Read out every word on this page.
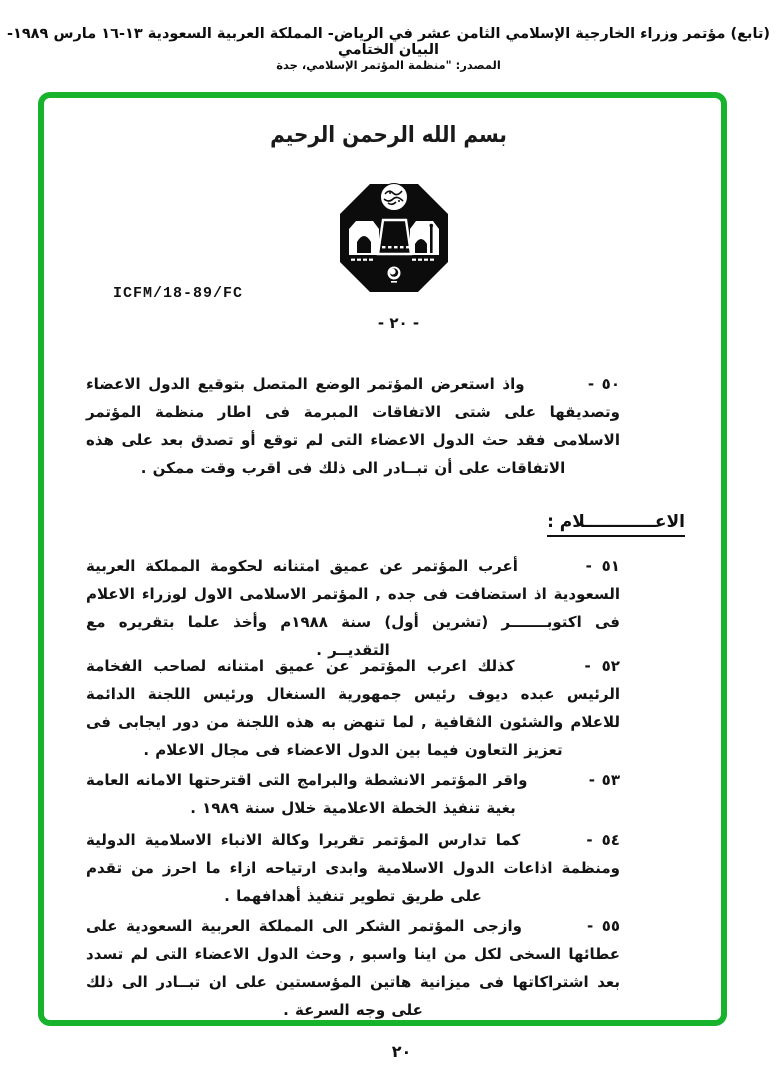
(تابع) مؤتمر وزراء الخارجية الإسلامي الثامن عشر في الرياض- المملكة العربية السعودية ١٣-١٦ مارس ١٩٨٩- البيان الختامي
المصدر: "منظمة المؤتمر الإسلامي، جدة
بسم الله الرحمن الرحيم
ICFM/18-89/FC
- ٢٠ -
٥٠ -  واذ استعرض المؤتمر الوضع المتصل بتوقيع الدول الاعضاء وتصديقها على شتى الاتفاقات المبرمة فى اطار منظمة المؤتمر الاسلامى فقد حث الدول الاعضاء التى لم توقع أو تصدق بعد على هذه الاتفاقات على أن تبــادر الى ذلك فى اقرب وقت ممكن .
الاعــــــــــــلام :
٥١ -  أعرب المؤتمر عن عميق امتنانه لحكومة المملكة العربية السعودية اذ استضافت فى جده , المؤتمر الاسلامى الاول لوزراء الاعلام فى اكتوبـــــــر (تشرين أول) سنة ١٩٨٨م وأخذ علما بتقريره مع التقديــر .
٥٢ -  كذلك اعرب المؤتمر عن عميق امتنانه لصاحب الفخامة الرئيس عبده ديوف رئيس جمهورية السنغال ورئيس اللجنة الدائمة للاعلام والشئون الثقافية , لما تنهض به هذه اللجنة من دور ايجابى فى تعزيز التعاون فيما بين الدول الاعضاء فى مجال الاعلام .
٥٣ -  واقر المؤتمر الانشطة والبرامج التى اقترحتها الامانه العامة بغية تنفيذ الخطة الاعلامية خلال سنة ١٩٨٩ .
٥٤ -  كما تدارس المؤتمر تقريرا وكالة الانباء الاسلامية الدولية ومنظمة اذاعات الدول الاسلامية وابدى ارتياحه ازاء ما احرز من تقدم على طريق تطوير تنفيذ أهدافهما .
٥٥ -  وازجى المؤتمر الشكر الى المملكة العربية السعودية على عطائها السخى لكل من اينا واسبو , وحث الدول الاعضاء التى لم تسدد بعد اشتراكاتها فى ميزانية هاتين المؤسستين على ان تبــادر الى ذلك على وجه السرعة .
٢٠
